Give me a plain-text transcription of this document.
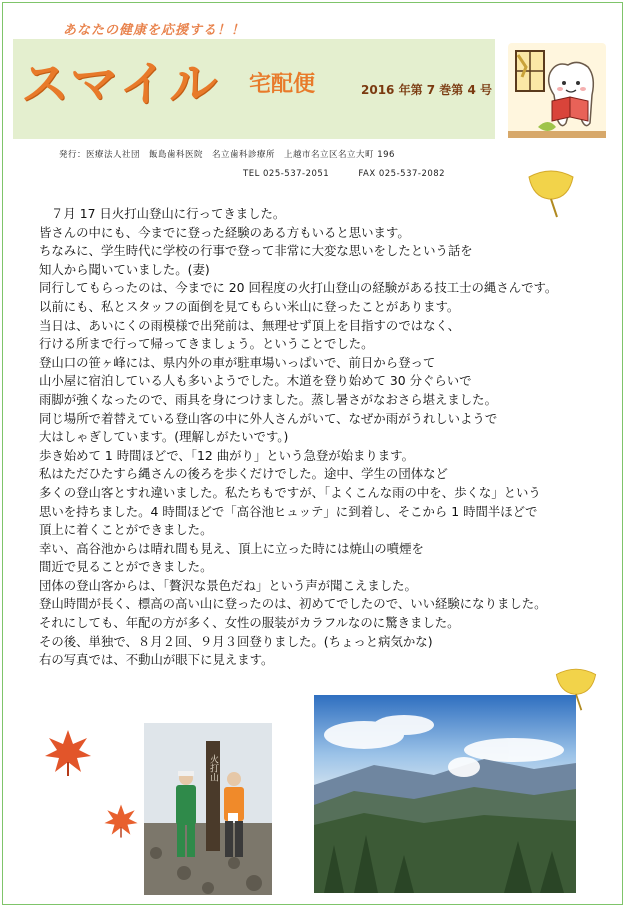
あなたの健康を応援する！！
スマイル 宅配便	2016 年第 7 巻第 4 号
発行：医療法人社団　飯島歯科医院　名立歯科診療所　上越市名立区名立大町 196
TEL 025-537-2051	FAX 025-537-2082
７月 17 日火打山登山に行ってきました。
皆さんの中にも、今までに登った経験のある方もいると思います。
ちなみに、学生時代に学校の行事で登って非常に大変な思いをしたという話を
知人から聞いていました。(妻)
同行してもらったのは、今までに 20 回程度の火打山登山の経験がある技工士の縄さんです。
以前にも、私とスタッフの面倒を見てもらい米山に登ったことがあります。
当日は、あいにくの雨模様で出発前は、無理せず頂上を目指すのではなく、
行ける所まで行って帰ってきましょう。ということでした。
登山口の笹ヶ峰には、県内外の車が駐車場いっぱいで、前日から登って
山小屋に宿泊している人も多いようでした。木道を登り始めて 30 分ぐらいで
雨脚が強くなったので、雨具を身につけました。蒸し暑さがなおさら堪えました。
同じ場所で着替えている登山客の中に外人さんがいて、なぜか雨がうれしいようで
大はしゃぎしています。(理解しがたいです。)
歩き始めて 1 時間ほどで、「12 曲がり」という急登が始まります。
私はただひたすら縄さんの後ろを歩くだけでした。途中、学生の団体など
多くの登山客とすれ違いました。私たちもですが、「よくこんな雨の中を、歩くな」という
思いを持ちました。4 時間ほどで「高谷池ヒュッテ」に到着し、そこから 1 時間半ほどで
頂上に着くことができました。
幸い、高谷池からは晴れ間も見え、頂上に立った時には焼山の噴煙を
間近で見ることができました。
団体の登山客からは、「贅沢な景色だね」という声が聞こえました。
登山時間が長く、標高の高い山に登ったのは、初めてでしたので、いい経験になりました。
それにしても、年配の方が多く、女性の服装がカラフルなのに驚きました。
その後、単独で、８月２回、９月３回登りました。(ちょっと病気かな)
右の写真では、不動山が眼下に見えます。
火打山
